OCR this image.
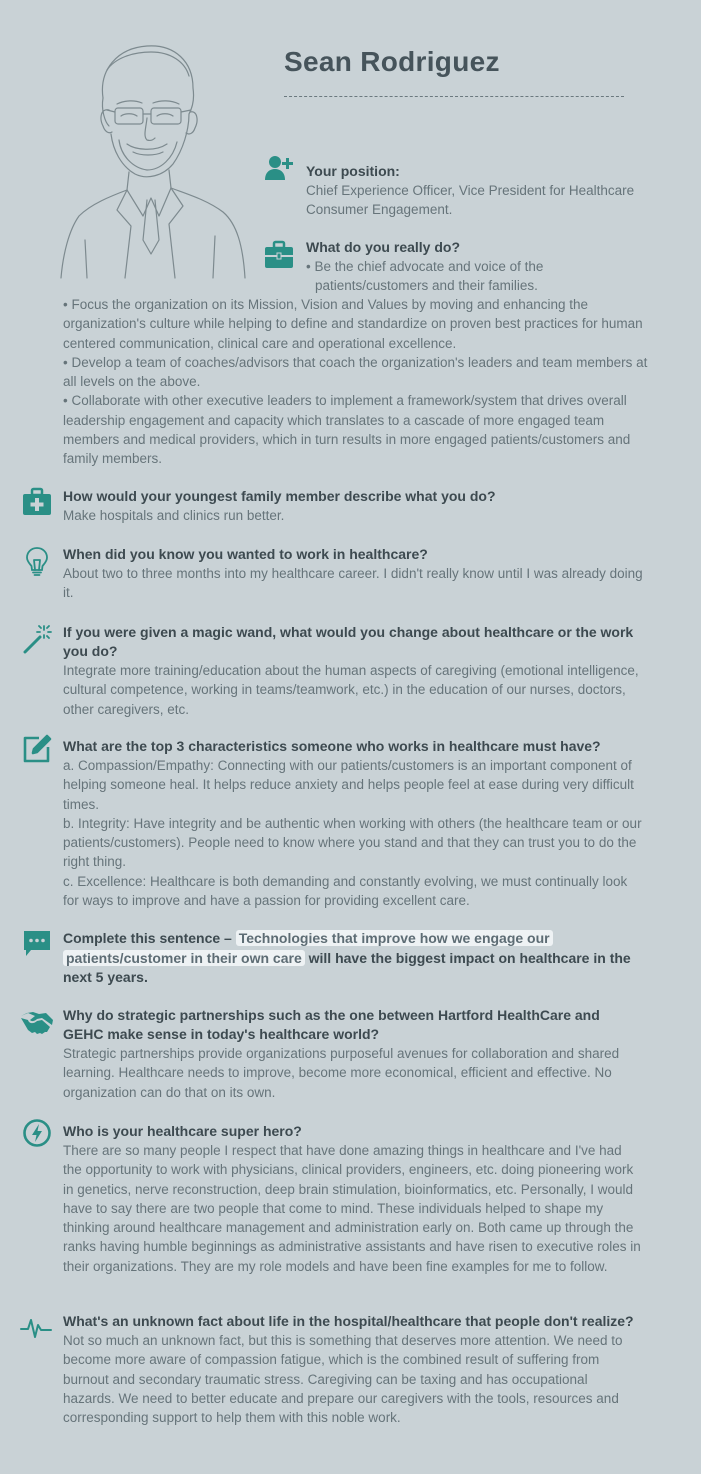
Sean Rodriguez
Your position:
Chief Experience Officer, Vice President for Healthcare
Consumer Engagement.
What do you really do?
• Be the chief advocate and voice of the
patients/customers and their families.
• Focus the organization on its Mission, Vision and Values by moving and enhancing the organization's culture while helping to define and standardize on proven best practices for human centered communication, clinical care and operational excellence.
• Develop a team of coaches/advisors that coach the organization's leaders and team members at all levels on the above.
• Collaborate with other executive leaders to implement a framework/system that drives overall leadership engagement and capacity which translates to a cascade of more engaged team members and medical providers, which in turn results in more engaged patients/customers and family members.
How would your youngest family member describe what you do?
Make hospitals and clinics run better.
When did you know you wanted to work in healthcare?
About two to three months into my healthcare career. I didn't really know until I was already doing it.
If you were given a magic wand, what would you change about healthcare or the work you do?
Integrate more training/education about the human aspects of caregiving (emotional intelligence, cultural competence, working in teams/teamwork, etc.) in the education of our nurses, doctors, other caregivers, etc.
What are the top 3 characteristics someone who works in healthcare must have?
a. Compassion/Empathy: Connecting with our patients/customers is an important component of helping someone heal. It helps reduce anxiety and helps people feel at ease during very difficult times.
b. Integrity: Have integrity and be authentic when working with others (the healthcare team or our patients/customers). People need to know where you stand and that they can trust you to do the right thing.
c. Excellence: Healthcare is both demanding and constantly evolving, we must continually look for ways to improve and have a passion for providing excellent care.
Complete this sentence – Technologies that improve how we engage our patients/customer in their own care will have the biggest impact on healthcare in the next 5 years.
Why do strategic partnerships such as the one between Hartford HealthCare and GEHC make sense in today's healthcare world?
Strategic partnerships provide organizations purposeful avenues for collaboration and shared learning. Healthcare needs to improve, become more economical, efficient and effective. No organization can do that on its own.
Who is your healthcare super hero?
There are so many people I respect that have done amazing things in healthcare and I've had the opportunity to work with physicians, clinical providers, engineers, etc. doing pioneering work in genetics, nerve reconstruction, deep brain stimulation, bioinformatics, etc. Personally, I would have to say there are two people that come to mind. These individuals helped to shape my thinking around healthcare management and administration early on. Both came up through the ranks having humble beginnings as administrative assistants and have risen to executive roles in their organizations. They are my role models and have been fine examples for me to follow.
What's an unknown fact about life in the hospital/healthcare that people don't realize?
Not so much an unknown fact, but this is something that deserves more attention. We need to become more aware of compassion fatigue, which is the combined result of suffering from burnout and secondary traumatic stress. Caregiving can be taxing and has occupational hazards. We need to better educate and prepare our caregivers with the tools, resources and corresponding support to help them with this noble work.
